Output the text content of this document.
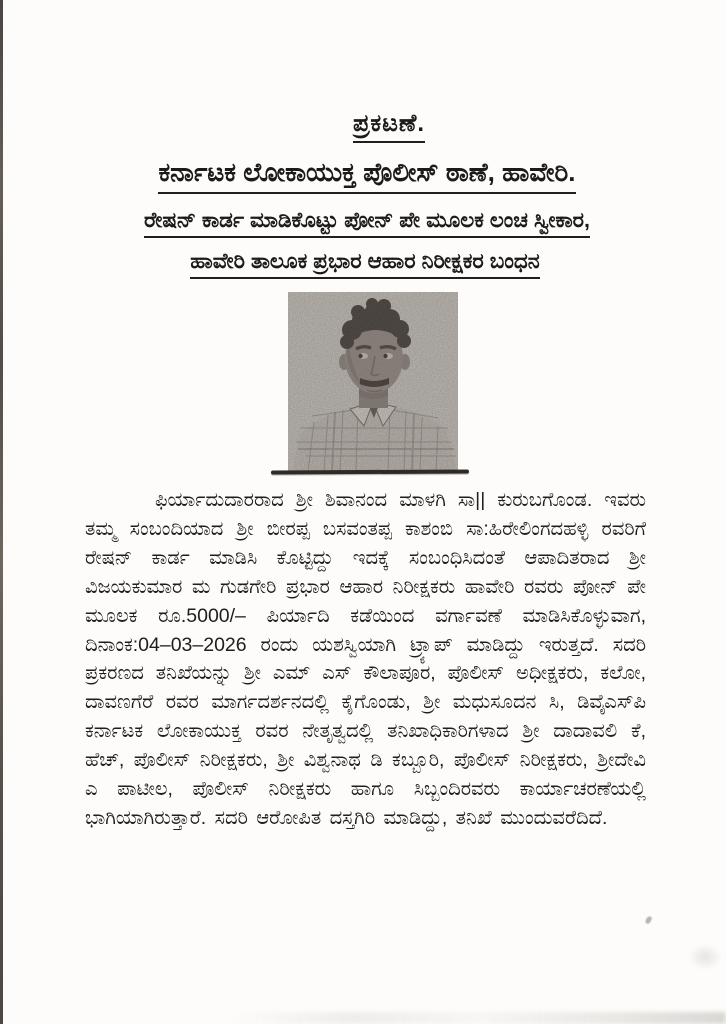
ಪ್ರಕಟಣೆ.
ಕರ್ನಾಟಕ ಲೋಕಾಯುಕ್ತ ಪೊಲೀಸ್ ಠಾಣೆ, ಹಾವೇರಿ.
ರೇಷನ್ ಕಾರ್ಡ ಮಾಡಿಕೊಟ್ಟು ಪೋನ್ ಪೇ ಮೂಲಕ ಲಂಚ ಸ್ವೀಕಾರ,
ಹಾವೇರಿ ತಾಲೂಕ ಪ್ರಭಾರ ಆಹಾರ ನಿರೀಕ್ಷಕರ ಬಂಧನ

ಫಿರ್ಯಾದುದಾರರಾದ ಶ್ರೀ ಶಿವಾನಂದ ಮಾಳಗಿ ಸಾ|| ಕುರುಬಗೊಂಡ. ಇವರು ತಮ್ಮ ಸಂಬಂದಿಯಾದ ಶ್ರೀ ಬೀರಪ್ಪ ಬಸವಂತಪ್ಪ ಕಾಶಂಬಿ ಸಾ:ಹಿರೇಲಿಂಗದಹಳ್ಳಿ ರವರಿಗೆ ರೇಷನ್ ಕಾರ್ಡ ಮಾಡಿಸಿ ಕೊಟ್ಟಿದ್ದು ಇದಕ್ಕೆ ಸಂಬಂಧಿಸಿದಂತೆ ಆಪಾದಿತರಾದ ಶ್ರೀ ವಿಜಯಕುಮಾರ ಮ ಗುಡಗೇರಿ ಪ್ರಭಾರ ಆಹಾರ ನಿರೀಕ್ಷಕರು ಹಾವೇರಿ ರವರು ಪೋನ್ ಪೇ ಮೂಲಕ ರೂ.5000/– ಪಿರ್ಯಾದಿ ಕಡೆಯಿಂದ ವರ್ಗಾವಣೆ ಮಾಡಿಸಿಕೊಳ್ಳುವಾಗ, ದಿನಾಂಕ:04–03–2026 ರಂದು ಯಶಸ್ವಿಯಾಗಿ ಟ್ರ್ಯಾಪ್ ಮಾಡಿದ್ದು ಇರುತ್ತದೆ. ಸದರಿ ಪ್ರಕರಣದ ತನಿಖೆಯನ್ನು ಶ್ರೀ ಎಮ್ ಎಸ್ ಕೌಲಾಪೂರ, ಪೊಲೀಸ್ ಅಧೀಕ್ಷಕರು, ಕಲೋ, ದಾವಣಗೆರೆ ರವರ ಮಾರ್ಗದರ್ಶನದಲ್ಲಿ ಕೈಗೊಂಡು, ಶ್ರೀ ಮಧುಸೂದನ ಸಿ, ಡಿವೈಎಸ್‌ಪಿ ಕರ್ನಾಟಕ ಲೋಕಾಯುಕ್ತ ರವರ ನೇತೃತ್ವದಲ್ಲಿ ತನಿಖಾಧಿಕಾರಿಗಳಾದ ಶ್ರೀ ದಾದಾವಲಿ ಕೆ, ಹೆಚ್, ಪೊಲೀಸ್ ನಿರೀಕ್ಷಕರು, ಶ್ರೀ ವಿಶ್ವನಾಥ ಡಿ ಕಬ್ಬೂರಿ, ಪೊಲೀಸ್ ನಿರೀಕ್ಷಕರು, ಶ್ರೀದೇವಿ ಎ ಪಾಟೀಲ, ಪೊಲೀಸ್ ನಿರೀಕ್ಷಕರು ಹಾಗೂ ಸಿಬ್ಬಂದಿರವರು ಕಾರ್ಯಾಚರಣೆಯಲ್ಲಿ ಭಾಗಿಯಾಗಿರುತ್ತಾರೆ. ಸದರಿ ಆರೋಪಿತ ದಸ್ತಗಿರಿ ಮಾಡಿದ್ದು, ತನಿಖೆ ಮುಂದುವರೆದಿದೆ.
